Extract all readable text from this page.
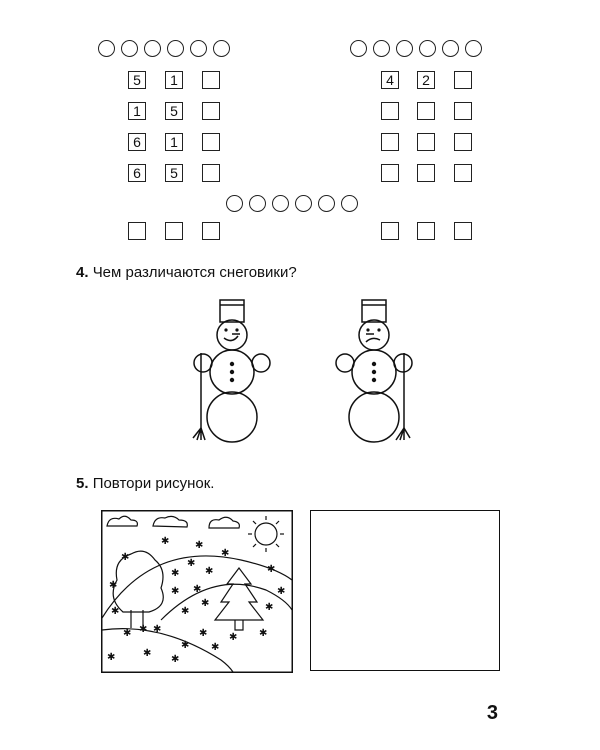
5	1
1	5
6	1
6	5
4	2
4. Чем различаются снеговики?
5. Повтори рисунок.
✱
✱	✱
✱
✱
✱
✱
✱
✱ ✱
✱
✱
✱
✱	✱
✱
✱ ✱	✱	✱
✱ ✱
✱	✱
✱
✱
✱
3
